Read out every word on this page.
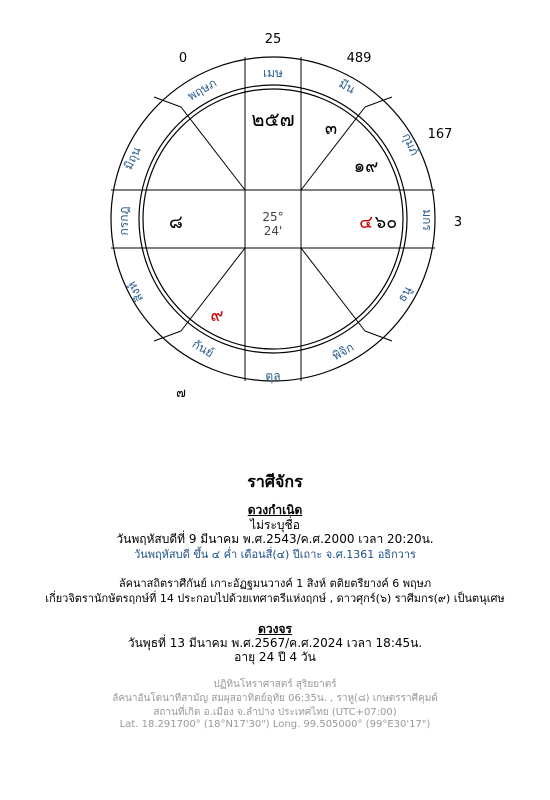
25
0	489
167
3
๗
เมษ
พฤษภ
มิถุน
กรกฎ
สิงห์
กันย์
ตุล
พิจิก
ธนู
มกร
กุมภ์
มีน
๒๕๗ ๓
๑๙
๔ ๖๐
๘
๙
25°
24'
ราศีจักร
ดวงกำเนิด
ไม่ระบุชื่อ
วันพฤหัสบดีที่ 9 มีนาคม พ.ศ.2543/ค.ศ.2000 เวลา 20:20น.
วันพฤหัสบดี ขึ้น ๔ ค่ำ เดือนสี่(๔) ปีเถาะ จ.ศ.1361 อธิกวาร
ลัคนาสถิตราศีกันย์ เกาะอัฏฐมนวางค์ 1 สิงห์ ตติยตรียางค์ 6 พฤษภ
เกี่ยวจิตรานักษัตรฤกษ์ที่ 14 ประกอบไปด้วยเทศาตรีแห่งฤกษ์ , ดาวศุกร์(๖) ราศีมกร(๙) เป็นตนุเศษ
ดวงจร
วันพุธที่ 13 มีนาคม พ.ศ.2567/ค.ศ.2024 เวลา 18:45น.
อายุ 24 ปี 4 วัน
ปฏิทินโหราศาสตร์ สุริยยาตร์
ลัคนาอันโตนาทีสามัญ สมผุสอาทิตย์อุทัย 06:35น. , ราหู(๘) เกษตรราศีคุมด์
สถานที่เกิด อ.เมือง จ.ลำปาง ประเทศไทย (UTC+07:00)
Lat. 18.291700° (18°N17'30") Long. 99.505000° (99°E30'17")
